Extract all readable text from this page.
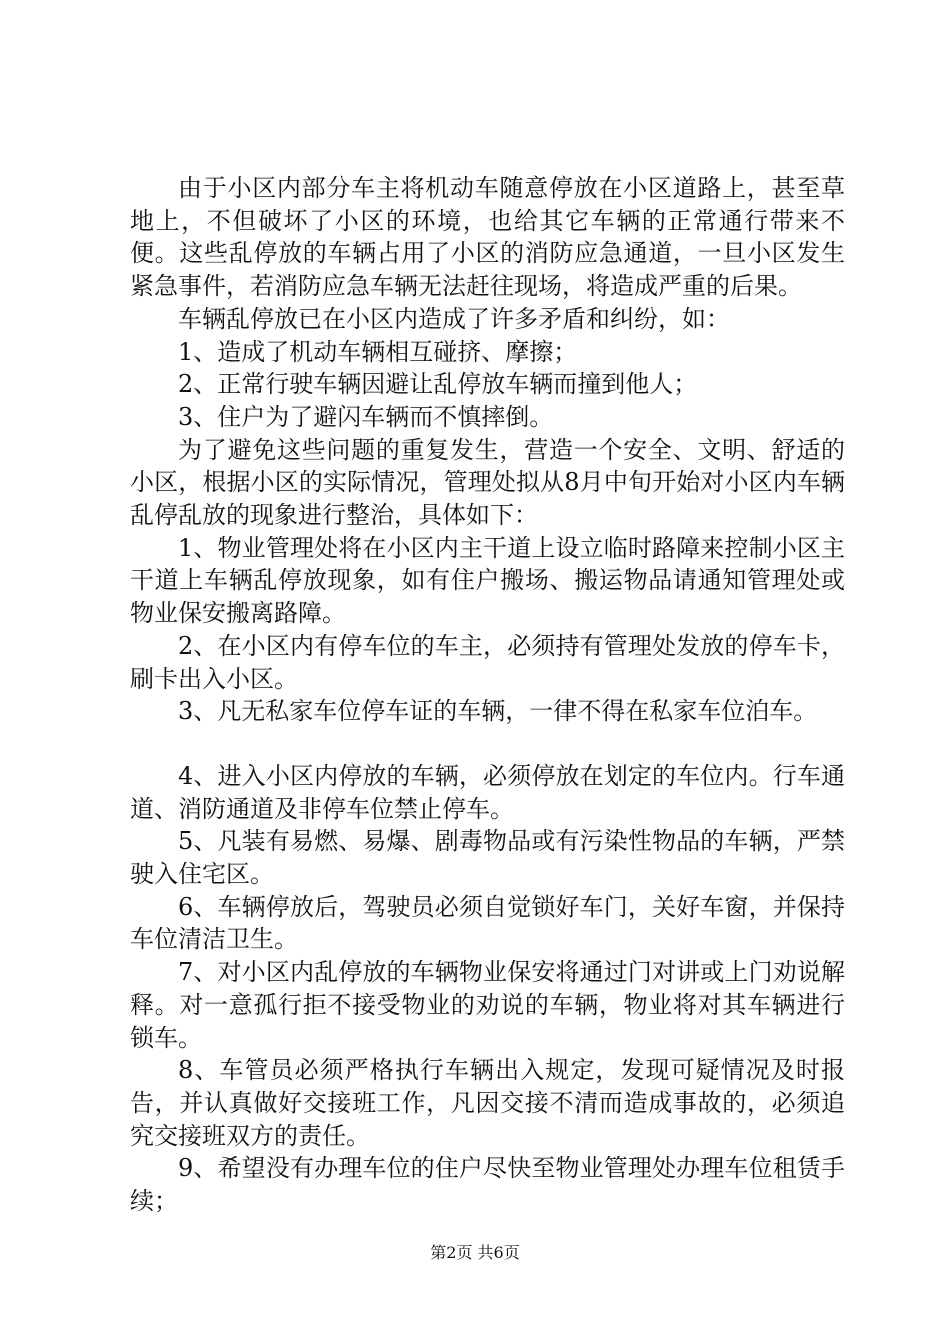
由于小区内部分车主将机动车随意停放在小区道路上，甚至草地上，不但破坏了小区的环境，也给其它车辆的正常通行带来不便。这些乱停放的车辆占用了小区的消防应急通道，一旦小区发生紧急事件，若消防应急车辆无法赶往现场，将造成严重的后果。

车辆乱停放已在小区内造成了许多矛盾和纠纷，如：

1、造成了机动车辆相互碰挤、摩擦；

2、正常行驶车辆因避让乱停放车辆而撞到他人；

3、住户为了避闪车辆而不慎摔倒。

为了避免这些问题的重复发生，营造一个安全、文明、舒适的小区，根据小区的实际情况，管理处拟从8月中旬开始对小区内车辆乱停乱放的现象进行整治，具体如下：

1、物业管理处将在小区内主干道上设立临时路障来控制小区主干道上车辆乱停放现象，如有住户搬场、搬运物品请通知管理处或物业保安搬离路障。

2、在小区内有停车位的车主，必须持有管理处发放的停车卡，刷卡出入小区。

3、凡无私家车位停车证的车辆，一律不得在私家车位泊车。

4、进入小区内停放的车辆，必须停放在划定的车位内。行车通道、消防通道及非停车位禁止停车。

5、凡装有易燃、易爆、剧毒物品或有污染性物品的车辆，严禁驶入住宅区。

6、车辆停放后，驾驶员必须自觉锁好车门，关好车窗，并保持车位清洁卫生。

7、对小区内乱停放的车辆物业保安将通过门对讲或上门劝说解释。对一意孤行拒不接受物业的劝说的车辆，物业将对其车辆进行锁车。

8、车管员必须严格执行车辆出入规定，发现可疑情况及时报告，并认真做好交接班工作，凡因交接不清而造成事故的，必须追究交接班双方的责任。

9、希望没有办理车位的住户尽快至物业管理处办理车位租赁手续；

第2页 共6页
